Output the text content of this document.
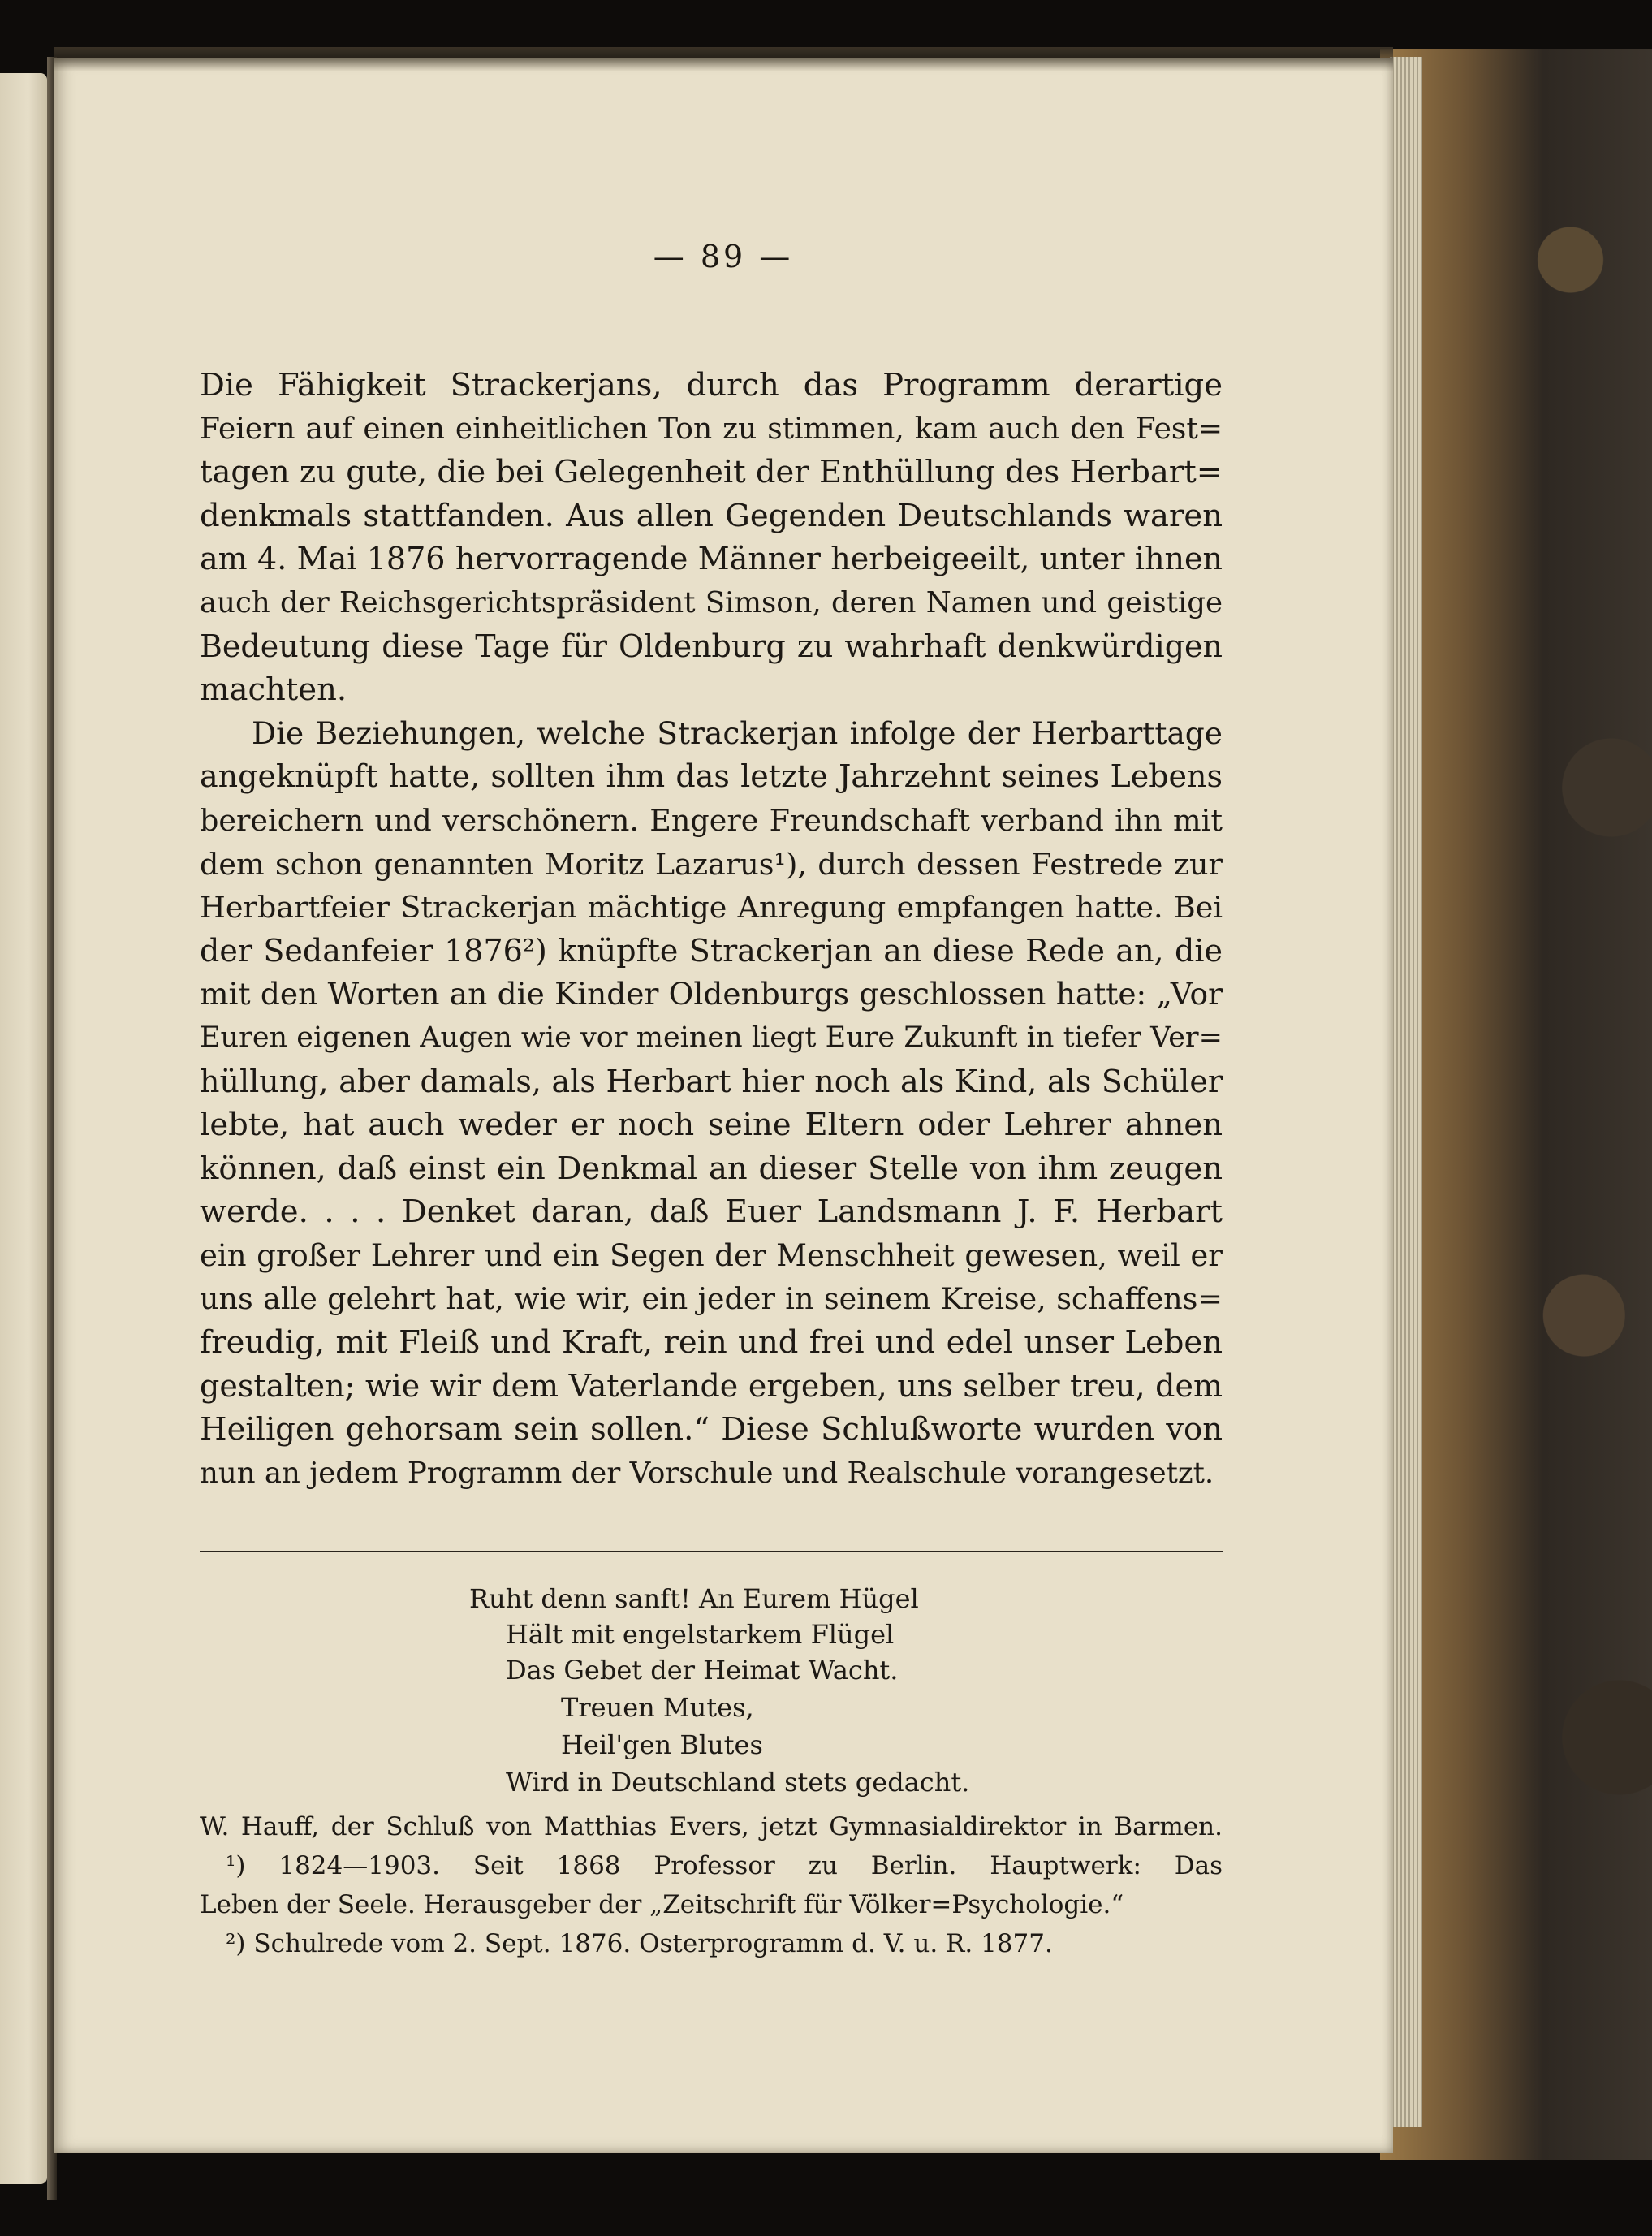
— 89 —
Die Fähigkeit Strackerjans, durch das Programm derartige
Feiern auf einen einheitlichen Ton zu stimmen, kam auch den Fest=
tagen zu gute, die bei Gelegenheit der Enthüllung des Herbart=
denkmals stattfanden. Aus allen Gegenden Deutschlands waren
am 4. Mai 1876 hervorragende Männer herbeigeeilt, unter ihnen
auch der Reichsgerichtspräsident Simson, deren Namen und geistige
Bedeutung diese Tage für Oldenburg zu wahrhaft denkwürdigen
machten.
Die Beziehungen, welche Strackerjan infolge der Herbarttage
angeknüpft hatte, sollten ihm das letzte Jahrzehnt seines Lebens
bereichern und verschönern. Engere Freundschaft verband ihn mit
dem schon genannten Moritz Lazarus¹), durch dessen Festrede zur
Herbartfeier Strackerjan mächtige Anregung empfangen hatte. Bei
der Sedanfeier 1876²) knüpfte Strackerjan an diese Rede an, die
mit den Worten an die Kinder Oldenburgs geschlossen hatte: „Vor
Euren eigenen Augen wie vor meinen liegt Eure Zukunft in tiefer Ver=
hüllung, aber damals, als Herbart hier noch als Kind, als Schüler
lebte, hat auch weder er noch seine Eltern oder Lehrer ahnen
können, daß einst ein Denkmal an dieser Stelle von ihm zeugen
werde. . . . Denket daran, daß Euer Landsmann J. F. Herbart
ein großer Lehrer und ein Segen der Menschheit gewesen, weil er
uns alle gelehrt hat, wie wir, ein jeder in seinem Kreise, schaffens=
freudig, mit Fleiß und Kraft, rein und frei und edel unser Leben
gestalten; wie wir dem Vaterlande ergeben, uns selber treu, dem
Heiligen gehorsam sein sollen.“ Diese Schlußworte wurden von
nun an jedem Programm der Vorschule und Realschule vorangesetzt.
Ruht denn sanft! An Eurem Hügel
Hält mit engelstarkem Flügel
Das Gebet der Heimat Wacht.
Treuen Mutes,
Heil'gen Blutes
Wird in Deutschland stets gedacht.
W. Hauff, der Schluß von Matthias Evers, jetzt Gymnasialdirektor in Barmen.
¹) 1824—1903. Seit 1868 Professor zu Berlin. Hauptwerk: Das
Leben der Seele. Herausgeber der „Zeitschrift für Völker=Psychologie.“
²) Schulrede vom 2. Sept. 1876. Osterprogramm d. V. u. R. 1877.
